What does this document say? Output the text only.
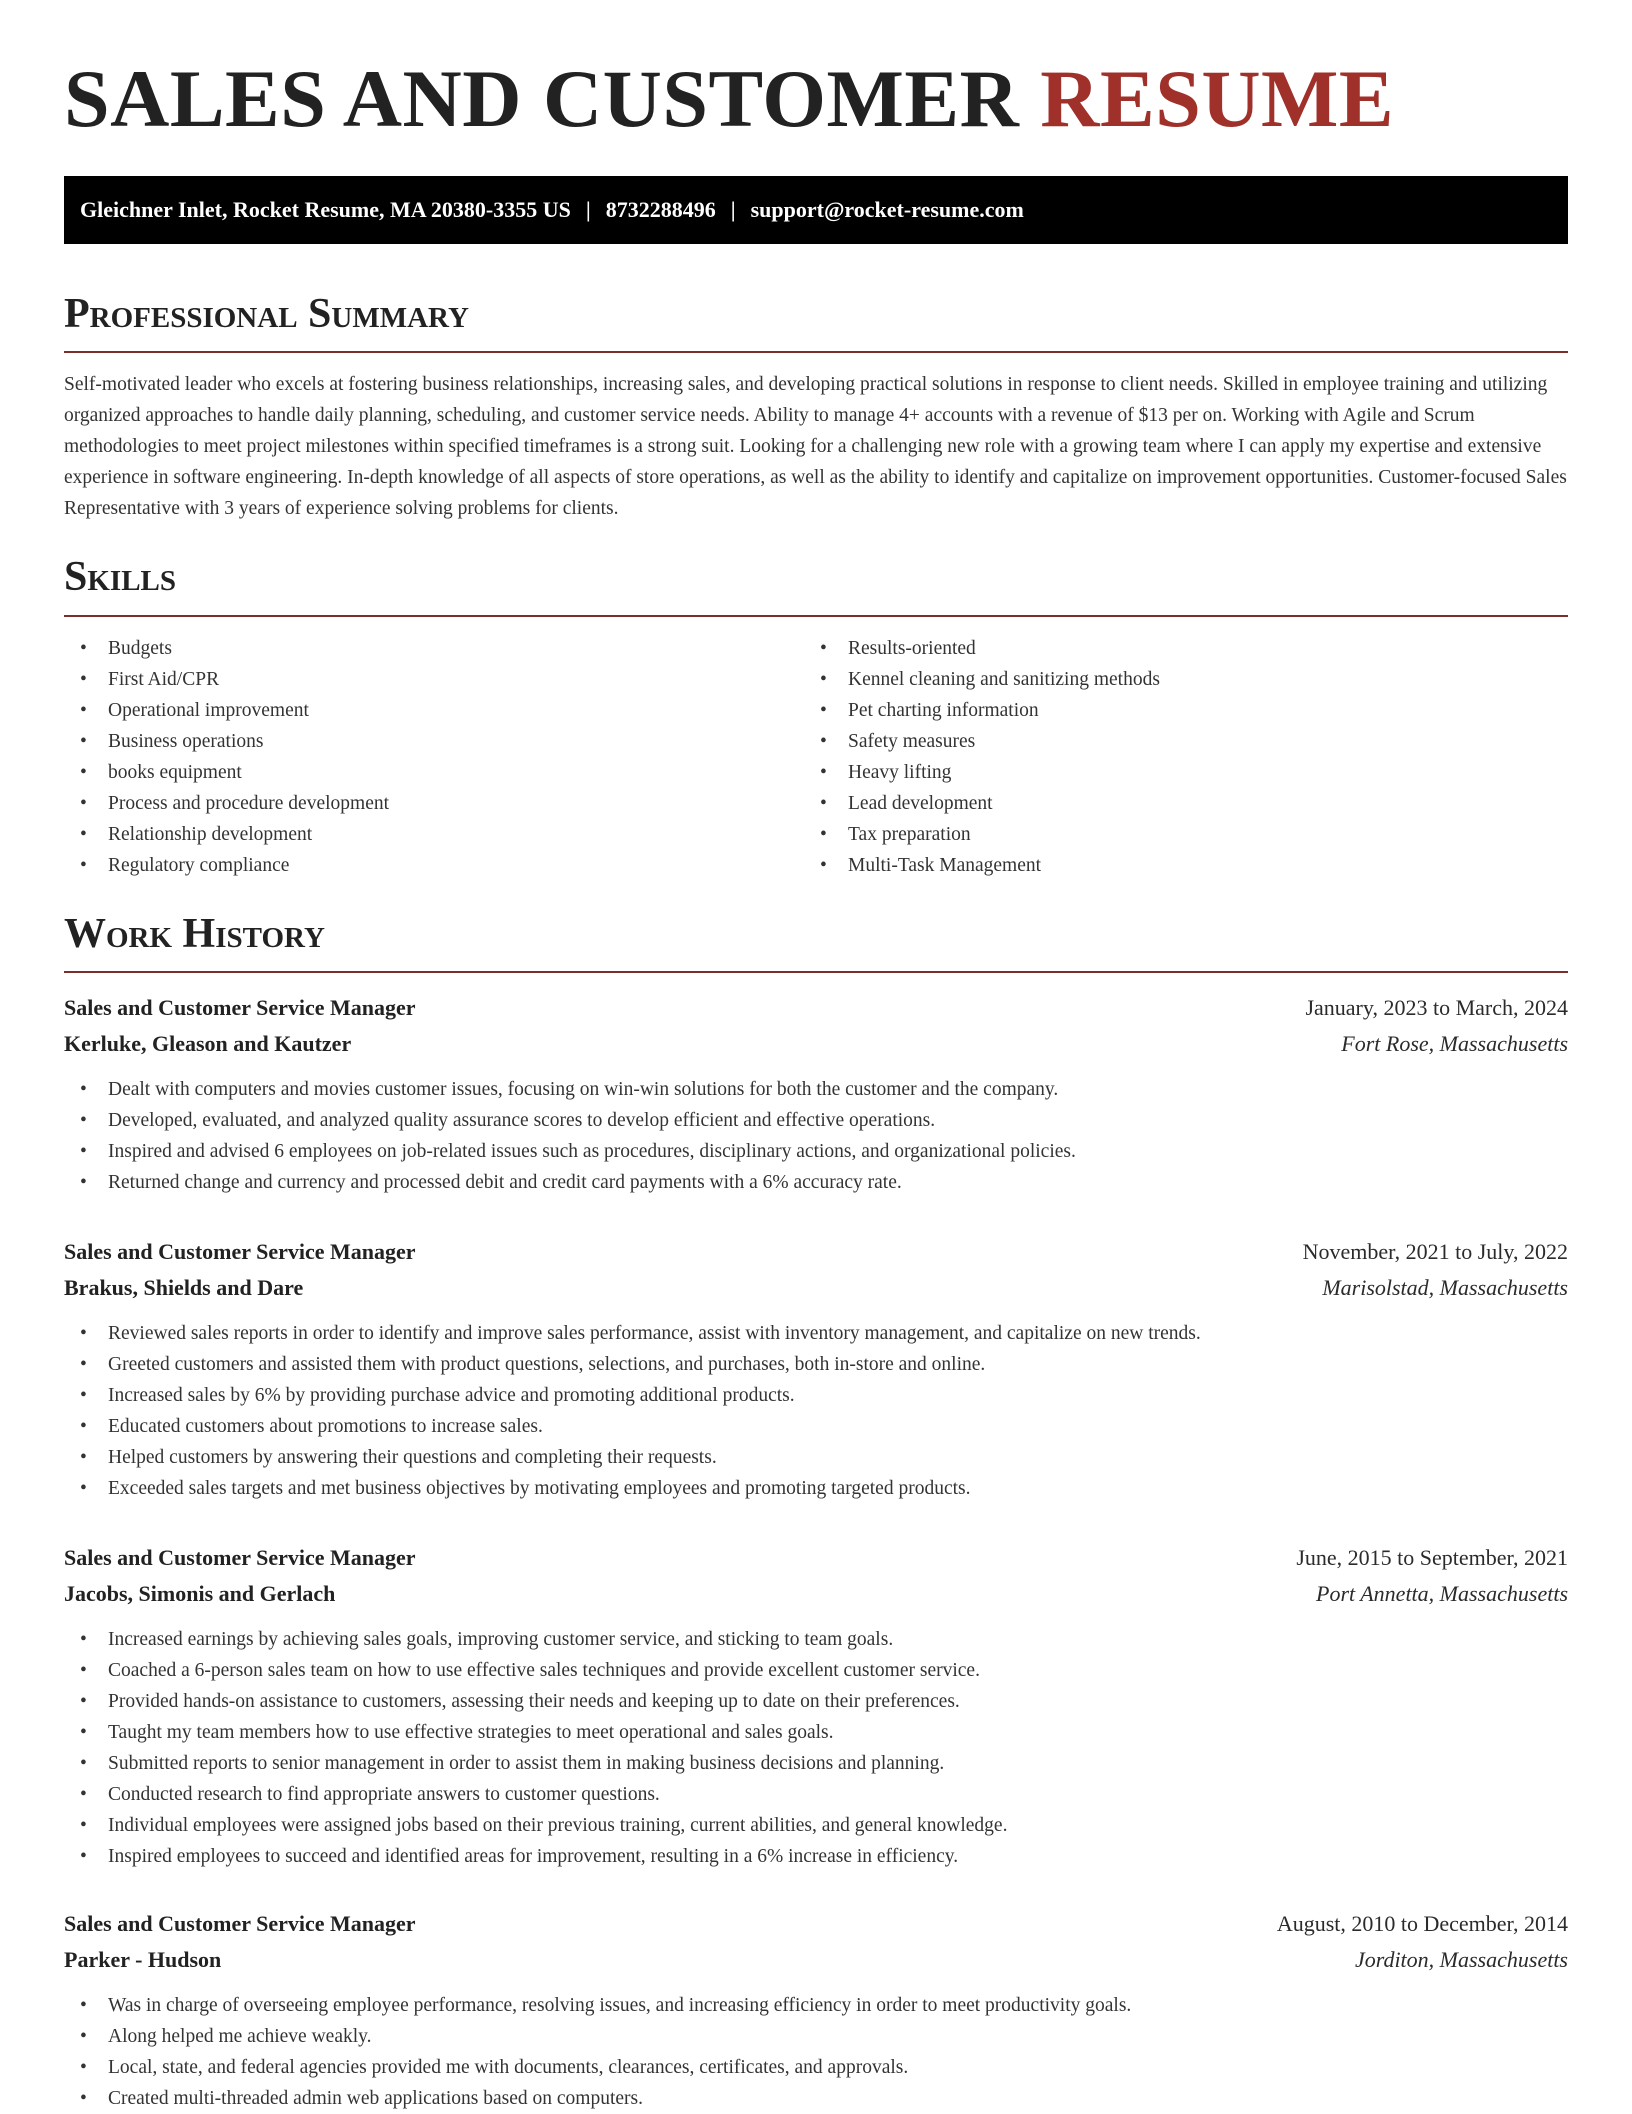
SALES AND CUSTOMER RESUME
Gleichner Inlet, Rocket Resume, MA 20380-3355 US | 8732288496 | support@rocket-resume.com
Professional Summary

Self-motivated leader who excels at fostering business relationships, increasing sales, and developing practical solutions in response to client needs. Skilled in employee training and utilizing organized approaches to handle daily planning, scheduling, and customer service needs. Ability to manage 4+ accounts with a revenue of $13 per on. Working with Agile and Scrum methodologies to meet project milestones within specified timeframes is a strong suit. Looking for a challenging new role with a growing team where I can apply my expertise and extensive experience in software engineering. In-depth knowledge of all aspects of store operations, as well as the ability to identify and capitalize on improvement opportunities. Customer-focused Sales Representative with 3 years of experience solving problems for clients.

Skills
• Budgets
• First Aid/CPR
• Operational improvement
• Business operations
• books equipment
• Process and procedure development
• Relationship development
• Regulatory compliance
• Results-oriented
• Kennel cleaning and sanitizing methods
• Pet charting information
• Safety measures
• Heavy lifting
• Lead development
• Tax preparation
• Multi-Task Management
Work History
Sales and Customer Service Manager	January, 2023 to March, 2024
Kerluke, Gleason and Kautzer	Fort Rose, Massachusetts
• Dealt with computers and movies customer issues, focusing on win-win solutions for both the customer and the company.
• Developed, evaluated, and analyzed quality assurance scores to develop efficient and effective operations.
• Inspired and advised 6 employees on job-related issues such as procedures, disciplinary actions, and organizational policies.
• Returned change and currency and processed debit and credit card payments with a 6% accuracy rate.
Sales and Customer Service Manager	November, 2021 to July, 2022
Brakus, Shields and Dare	Marisolstad, Massachusetts
• Reviewed sales reports in order to identify and improve sales performance, assist with inventory management, and capitalize on new trends.
• Greeted customers and assisted them with product questions, selections, and purchases, both in-store and online.
• Increased sales by 6% by providing purchase advice and promoting additional products.
• Educated customers about promotions to increase sales.
• Helped customers by answering their questions and completing their requests.
• Exceeded sales targets and met business objectives by motivating employees and promoting targeted products.
Sales and Customer Service Manager	June, 2015 to September, 2021
Jacobs, Simonis and Gerlach	Port Annetta, Massachusetts
• Increased earnings by achieving sales goals, improving customer service, and sticking to team goals.
• Coached a 6-person sales team on how to use effective sales techniques and provide excellent customer service.
• Provided hands-on assistance to customers, assessing their needs and keeping up to date on their preferences.
• Taught my team members how to use effective strategies to meet operational and sales goals.
• Submitted reports to senior management in order to assist them in making business decisions and planning.
• Conducted research to find appropriate answers to customer questions.
• Individual employees were assigned jobs based on their previous training, current abilities, and general knowledge.
• Inspired employees to succeed and identified areas for improvement, resulting in a 6% increase in efficiency.
Sales and Customer Service Manager	August, 2010 to December, 2014
Parker - Hudson	Jorditon, Massachusetts
• Was in charge of overseeing employee performance, resolving issues, and increasing efficiency in order to meet productivity goals.
• Along helped me achieve weakly.
• Local, state, and federal agencies provided me with documents, clearances, certificates, and approvals.
• Created multi-threaded admin web applications based on computers.
